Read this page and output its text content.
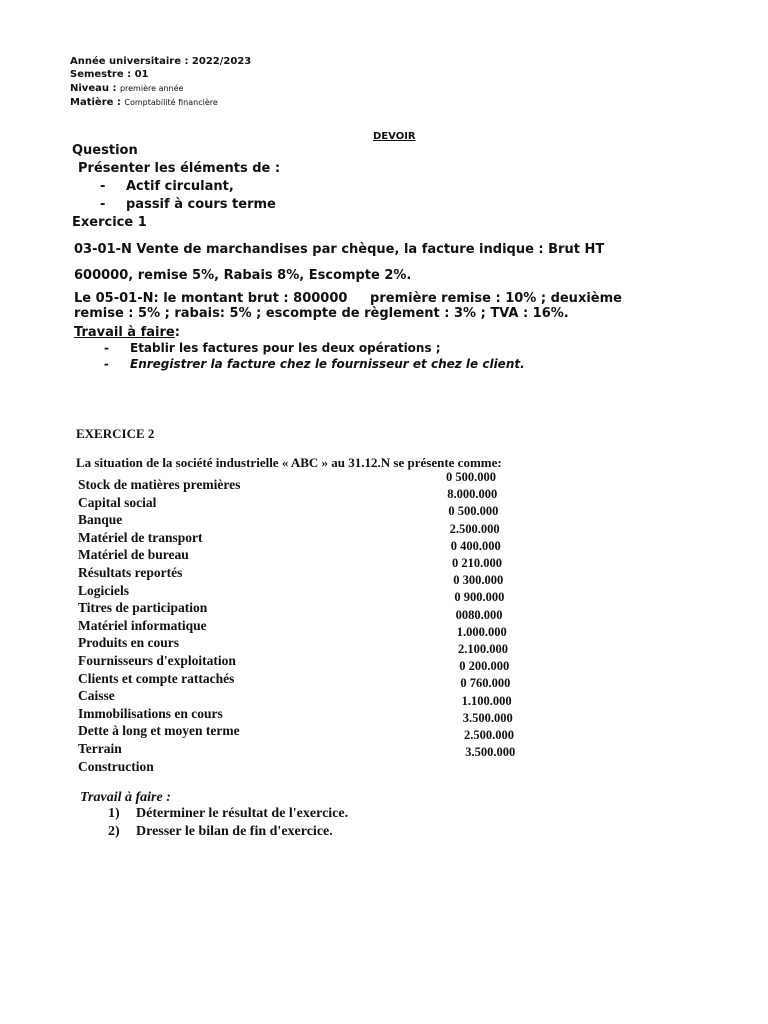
Année universitaire : 2022/2023
Semestre : 01
Niveau : première année
Matière : Comptabilité financière
DEVOIR
Question
Présenter les éléments de :
- Actif circulant,
- passif à cours terme
Exercice 1
03-01-N Vente de marchandises par chèque, la facture indique : Brut HT
600000, remise 5%, Rabais 8%, Escompte 2%.
Le 05-01-N: le montant brut : 800000     première remise : 10% ; deuxième
remise : 5% ; rabais: 5% ; escompte de règlement : 3% ; TVA : 16%.
Travail à faire:
- Etablir les factures pour les deux opérations ;
- Enregistrer la facture chez le fournisseur et chez le client.
EXERCICE 2
La situation de la société industrielle « ABC » au 31.12.N se présente comme:
Stock de matières premières	0 500.000
Capital social
8.000.000
Banque
0 500.000
Matériel de transport
2.500.000
Matériel de bureau
0 400.000
Résultats reportés
0 210.000
Logiciels
0 300.000
Titres de participation
0 900.000
Matériel informatique
0080.000
Produits en cours
1.000.000
Fournisseurs d'exploitation
2.100.000
Clients et compte rattachés
0 200.000
Caisse
0 760.000
Immobilisations en cours
1.100.000
Dette à long et moyen terme
3.500.000
Terrain
2.500.000
Construction
3.500.000
Travail à faire :
1) Déterminer le résultat de l'exercice.
2) Dresser le bilan de fin d'exercice.
